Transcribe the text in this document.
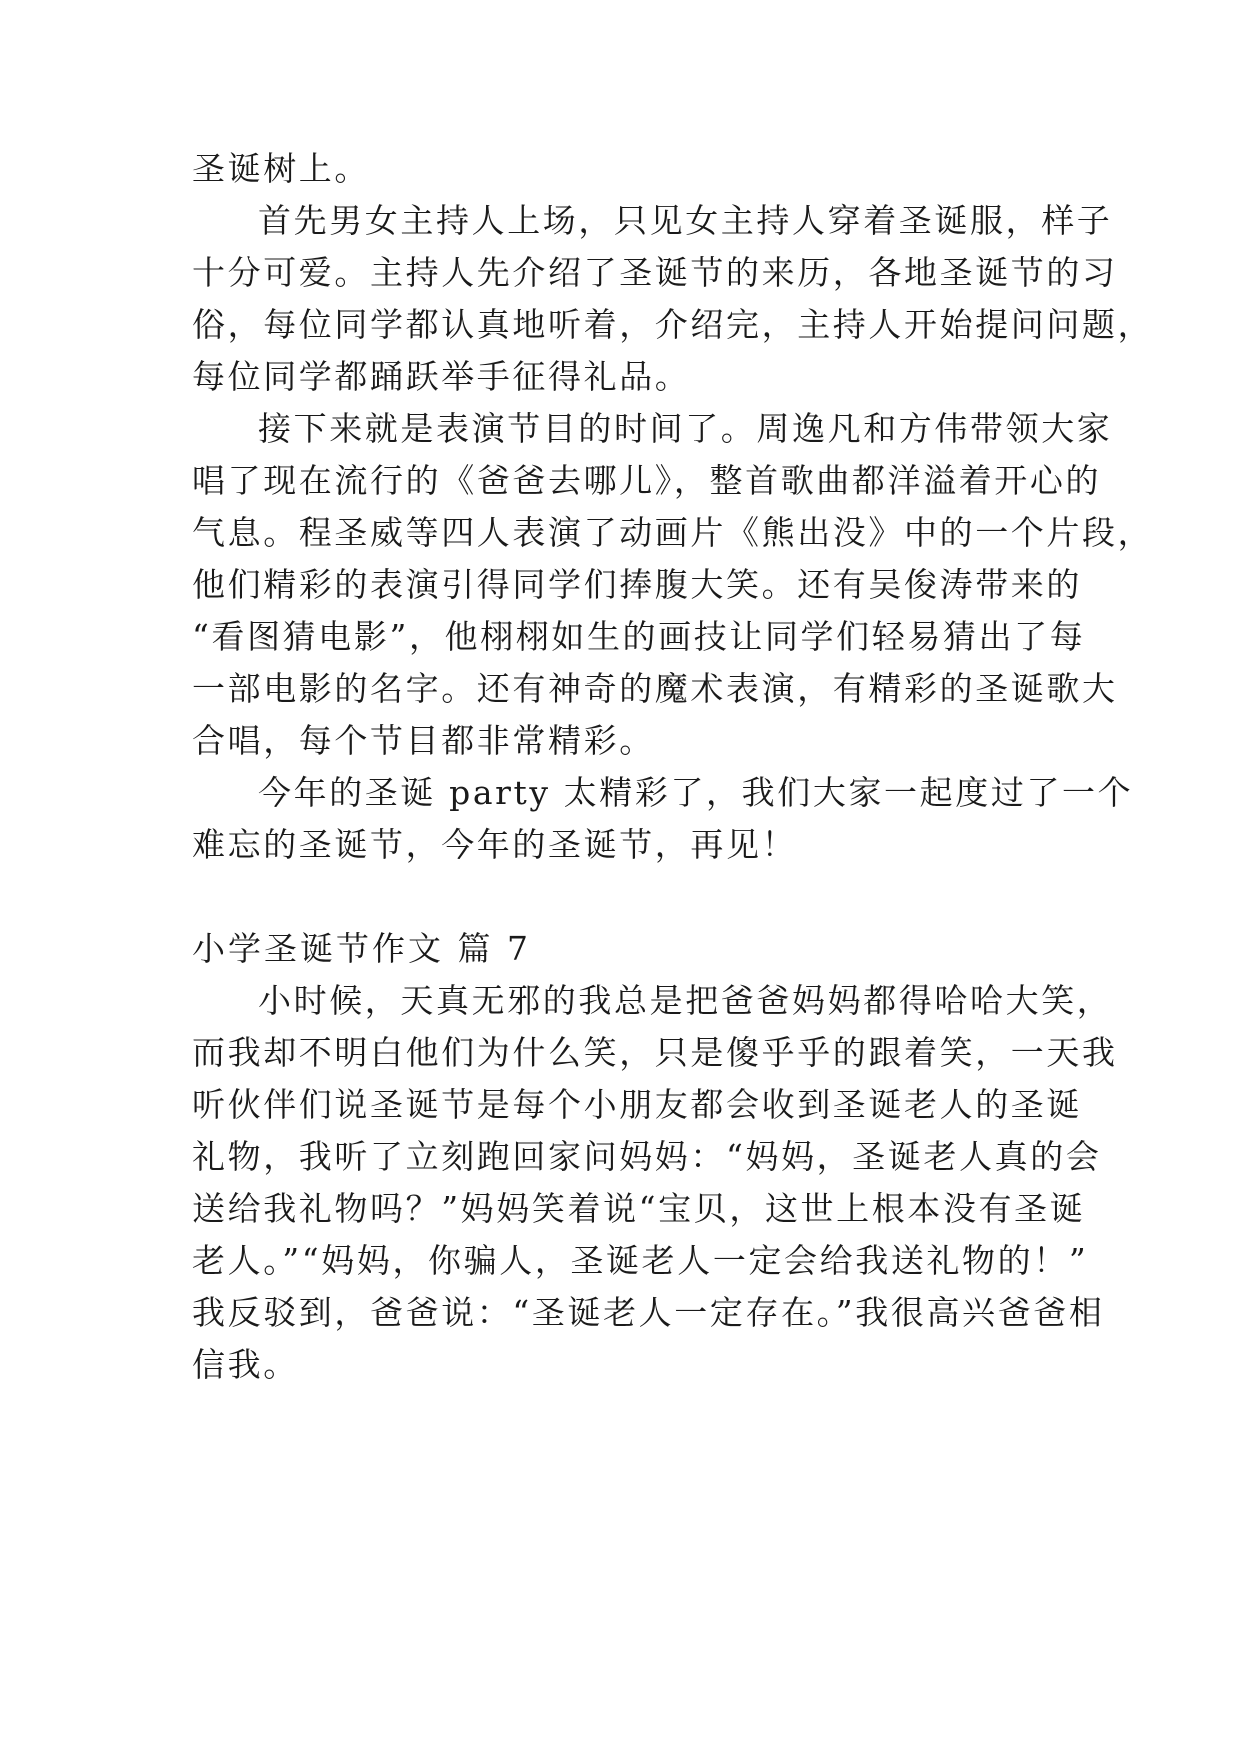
圣诞树上。
首先男女主持人上场，只见女主持人穿着圣诞服，样子
十分可爱。主持人先介绍了圣诞节的来历，各地圣诞节的习
俗，每位同学都认真地听着，介绍完，主持人开始提问问题，
每位同学都踊跃举手征得礼品。
接下来就是表演节目的时间了。周逸凡和方伟带领大家
唱了现在流行的《爸爸去哪儿》，整首歌曲都洋溢着开心的
气息。程圣威等四人表演了动画片《熊出没》中的一个片段，
他们精彩的表演引得同学们捧腹大笑。还有吴俊涛带来的
“看图猜电影”，他栩栩如生的画技让同学们轻易猜出了每
一部电影的名字。还有神奇的魔术表演，有精彩的圣诞歌大
合唱，每个节目都非常精彩。
今年的圣诞 party 太精彩了，我们大家一起度过了一个
难忘的圣诞节，今年的圣诞节，再见！
小学圣诞节作文 篇 7
小时候，天真无邪的我总是把爸爸妈妈都得哈哈大笑，
而我却不明白他们为什么笑，只是傻乎乎的跟着笑，一天我
听伙伴们说圣诞节是每个小朋友都会收到圣诞老人的圣诞
礼物，我听了立刻跑回家问妈妈：“妈妈，圣诞老人真的会
送给我礼物吗？”妈妈笑着说“宝贝，这世上根本没有圣诞
老人。”“妈妈，你骗人，圣诞老人一定会给我送礼物的！”
我反驳到，爸爸说：“圣诞老人一定存在。”我很高兴爸爸相
信我。
